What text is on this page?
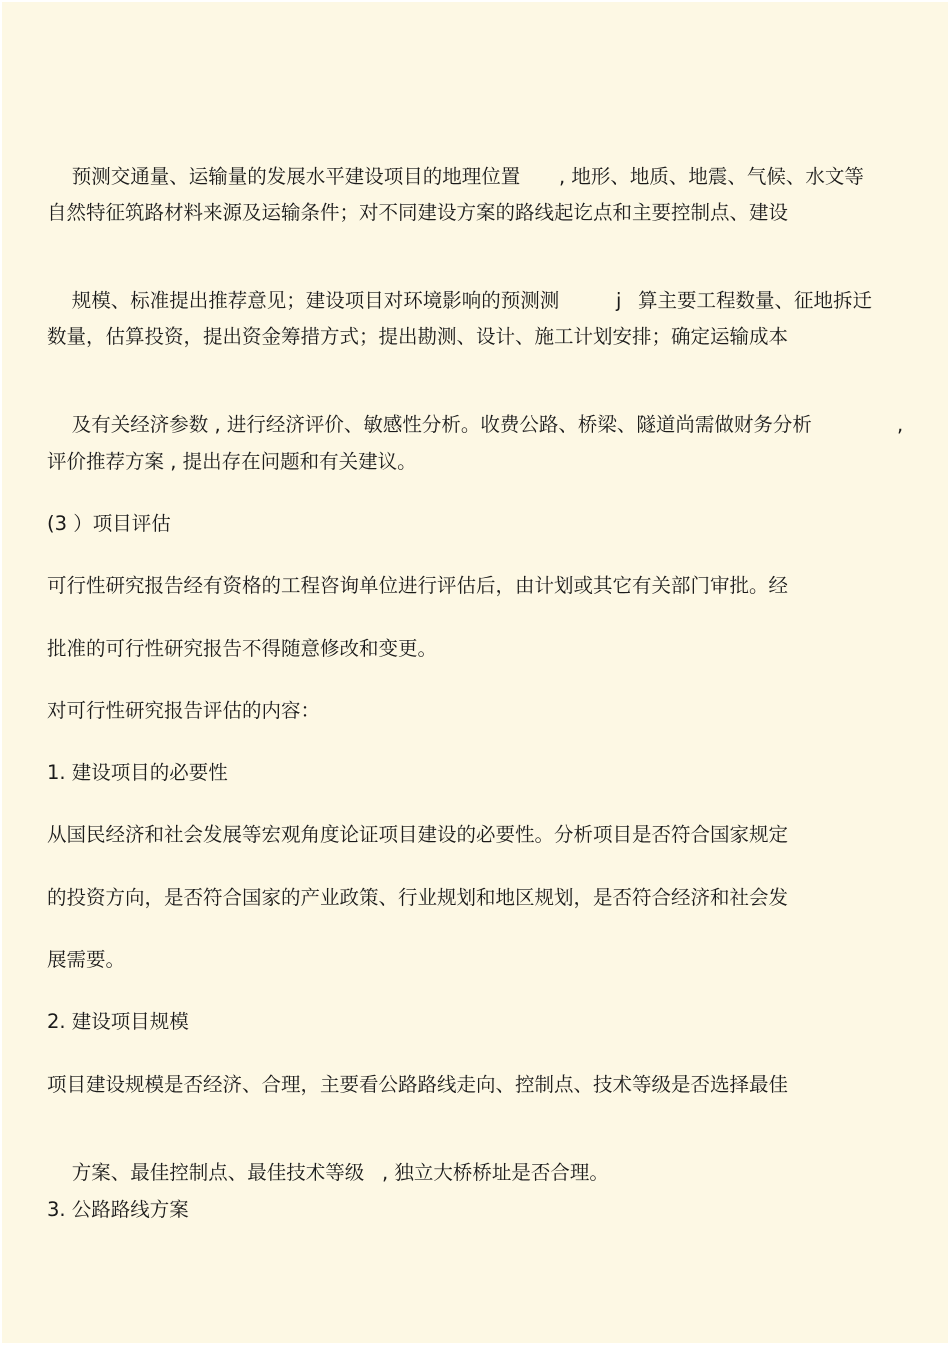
预测交通量、运输量的发展水平建设项目的地理位置 , 地形、地质、地震、气候、水文等

自然特征筑路材料来源及运输条件；对不同建设方案的路线起讫点和主要控制点、建设

规模、标准提出推荐意见；建设项目对环境影响的预测测	j 算主要工程数量、征地拆迁

数量，估算投资，提出资金筹措方式；提出勘测、设计、施工计划安排；确定运输成本

及有关经济参数 , 进行经济评价、敏感性分析。收费公路、桥梁、隧道尚需做财务分析	,

评价推荐方案 , 提出存在问题和有关建议。
(3 ）项目评估
可行性研究报告经有资格的工程咨询单位进行评估后，由计划或其它有关部门审批。经
批准的可行性研究报告不得随意修改和变更。
对可行性研究报告评估的内容：
1. 建设项目的必要性
从国民经济和社会发展等宏观角度论证项目建设的必要性。分析项目是否符合国家规定
的投资方向，是否符合国家的产业政策、行业规划和地区规划，是否符合经济和社会发
展需要。
2. 建设项目规模
项目建设规模是否经济、合理，主要看公路路线走向、控制点、技术等级是否选择最佳

方案、最佳控制点、最佳技术等级 , 独立大桥桥址是否合理。

3. 公路路线方案
